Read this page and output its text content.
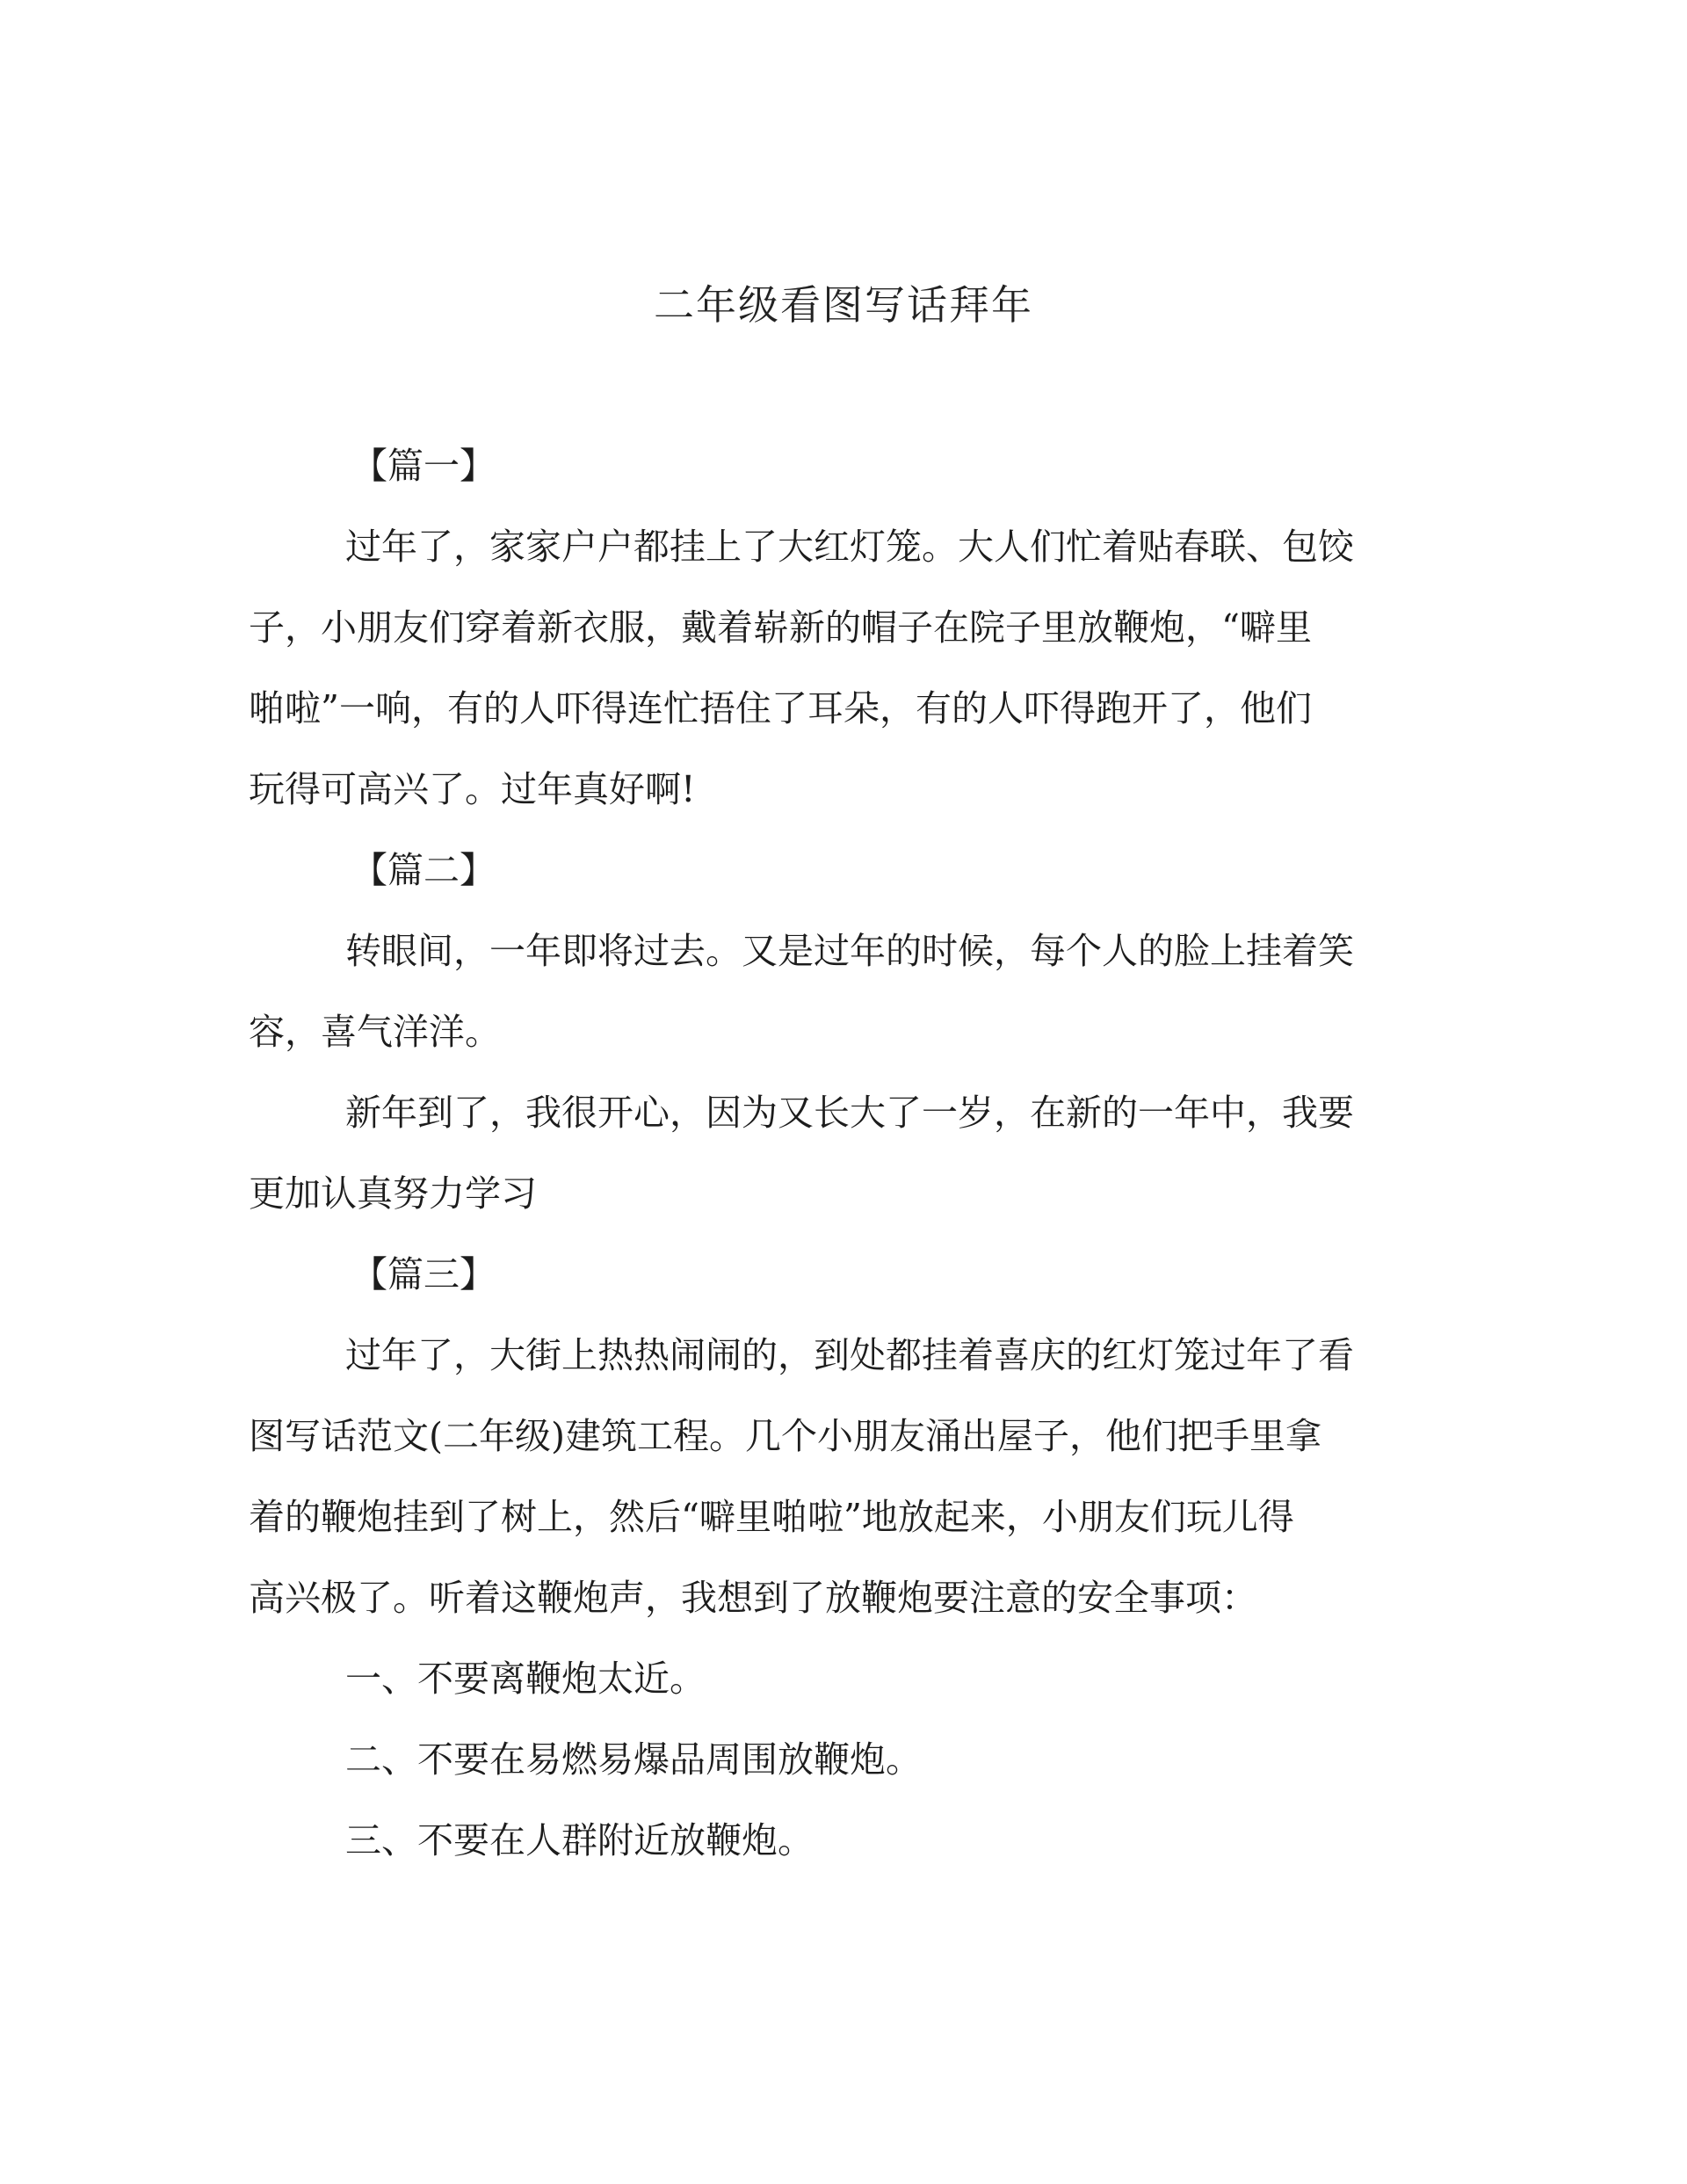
二年级看图写话拜年
【篇一】
过年了，家家户户都挂上了大红灯笼。大人们忙着贴春联、包饺
子，小朋友们穿着新衣服，戴着崭新的帽子在院子里放鞭炮，“噼里
啪啦”一响，有的人吓得连忙捂住了耳朵，有的人吓得跑开了，他们
玩得可高兴了。过年真好啊!
【篇二】
转眼间，一年即将过去。又是过年的时候，每个人的脸上挂着笑
容，喜气洋洋。
新年到了，我很开心，因为又长大了一岁，在新的一年中，我要
更加认真努力学习
【篇三】
过年了，大街上热热闹闹的，到处都挂着喜庆的红灯笼过年了看
图写话范文(二年级)建筑工程。几个小朋友涌出屋子，他们把手里拿
着的鞭炮挂到了树上，然后“噼里啪啦”地放起来，小朋友们玩儿得
高兴极了。听着这鞭炮声，我想到了放鞭炮要注意的安全事项：
一、不要离鞭炮太近。
二、不要在易燃易爆品周围放鞭炮。
三、不要在人群附近放鞭炮。
